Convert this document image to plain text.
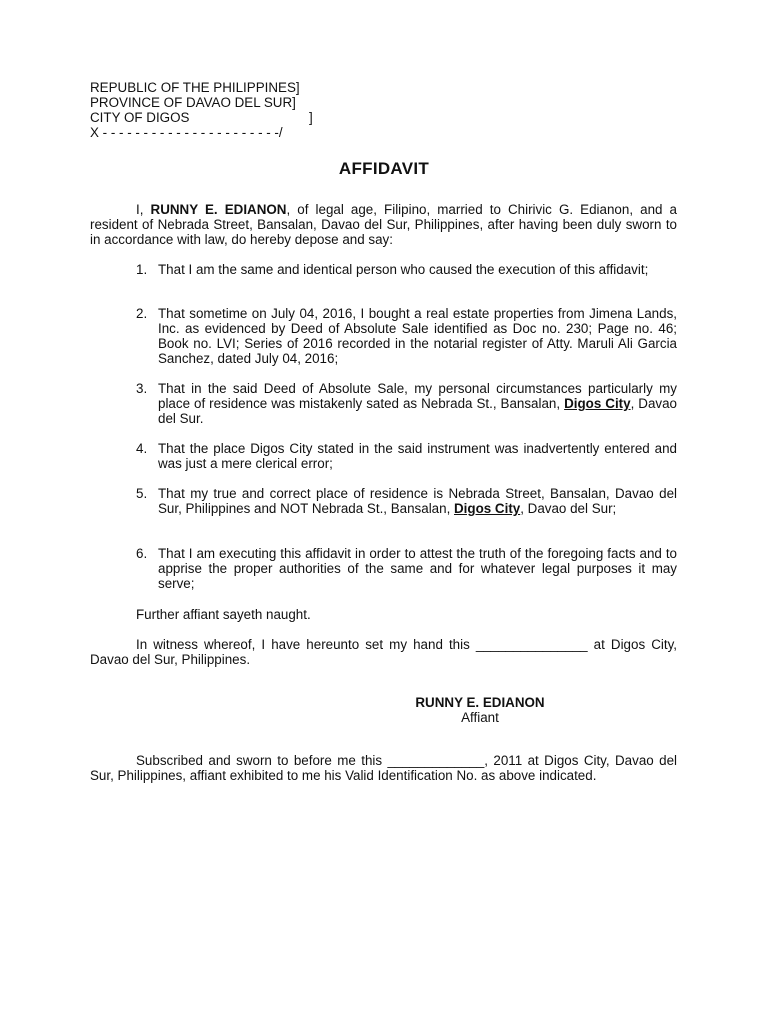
REPUBLIC OF THE PHILIPPINES ]
PROVINCE OF DAVAO DEL SUR ]
CITY OF DIGOS	]
X - - - - - - - - - - - - - - - - - - - - - -/
AFFIDAVIT

I, RUNNY E. EDIANON, of legal age, Filipino, married to Chirivic G. Edianon, and a resident of Nebrada Street, Bansalan, Davao del Sur, Philippines, after having been duly sworn to in accordance with law, do hereby depose and say:

1. That I am the same and identical person who caused the execution of this affidavit;
2. That sometime on July 04, 2016, I bought a real estate properties from Jimena Lands, Inc. as evidenced by Deed of Absolute Sale identified as Doc no. 230; Page no. 46; Book no. LVI; Series of 2016 recorded in the notarial register of Atty. Maruli Ali Garcia Sanchez, dated July 04, 2016;
3. That in the said Deed of Absolute Sale, my personal circumstances particularly my place of residence was mistakenly sated as Nebrada St., Bansalan, Digos City, Davao del Sur.
4. That the place Digos City stated in the said instrument was inadvertently entered and was just a mere clerical error;
5. That my true and correct place of residence is Nebrada Street, Bansalan, Davao del Sur, Philippines and NOT Nebrada St., Bansalan, Digos City, Davao del Sur;
6. That I am executing this affidavit in order to attest the truth of the foregoing facts and to apprise the proper authorities of the same and for whatever legal purposes it may serve;

Further affiant sayeth naught.

In witness whereof, I have hereunto set my hand this _______________ at Digos City, Davao del Sur, Philippines.

RUNNY E. EDIANON
Affiant

Subscribed and sworn to before me this _____________, 2011 at Digos City, Davao del Sur, Philippines, affiant exhibited to me his Valid Identification No. as above indicated.
